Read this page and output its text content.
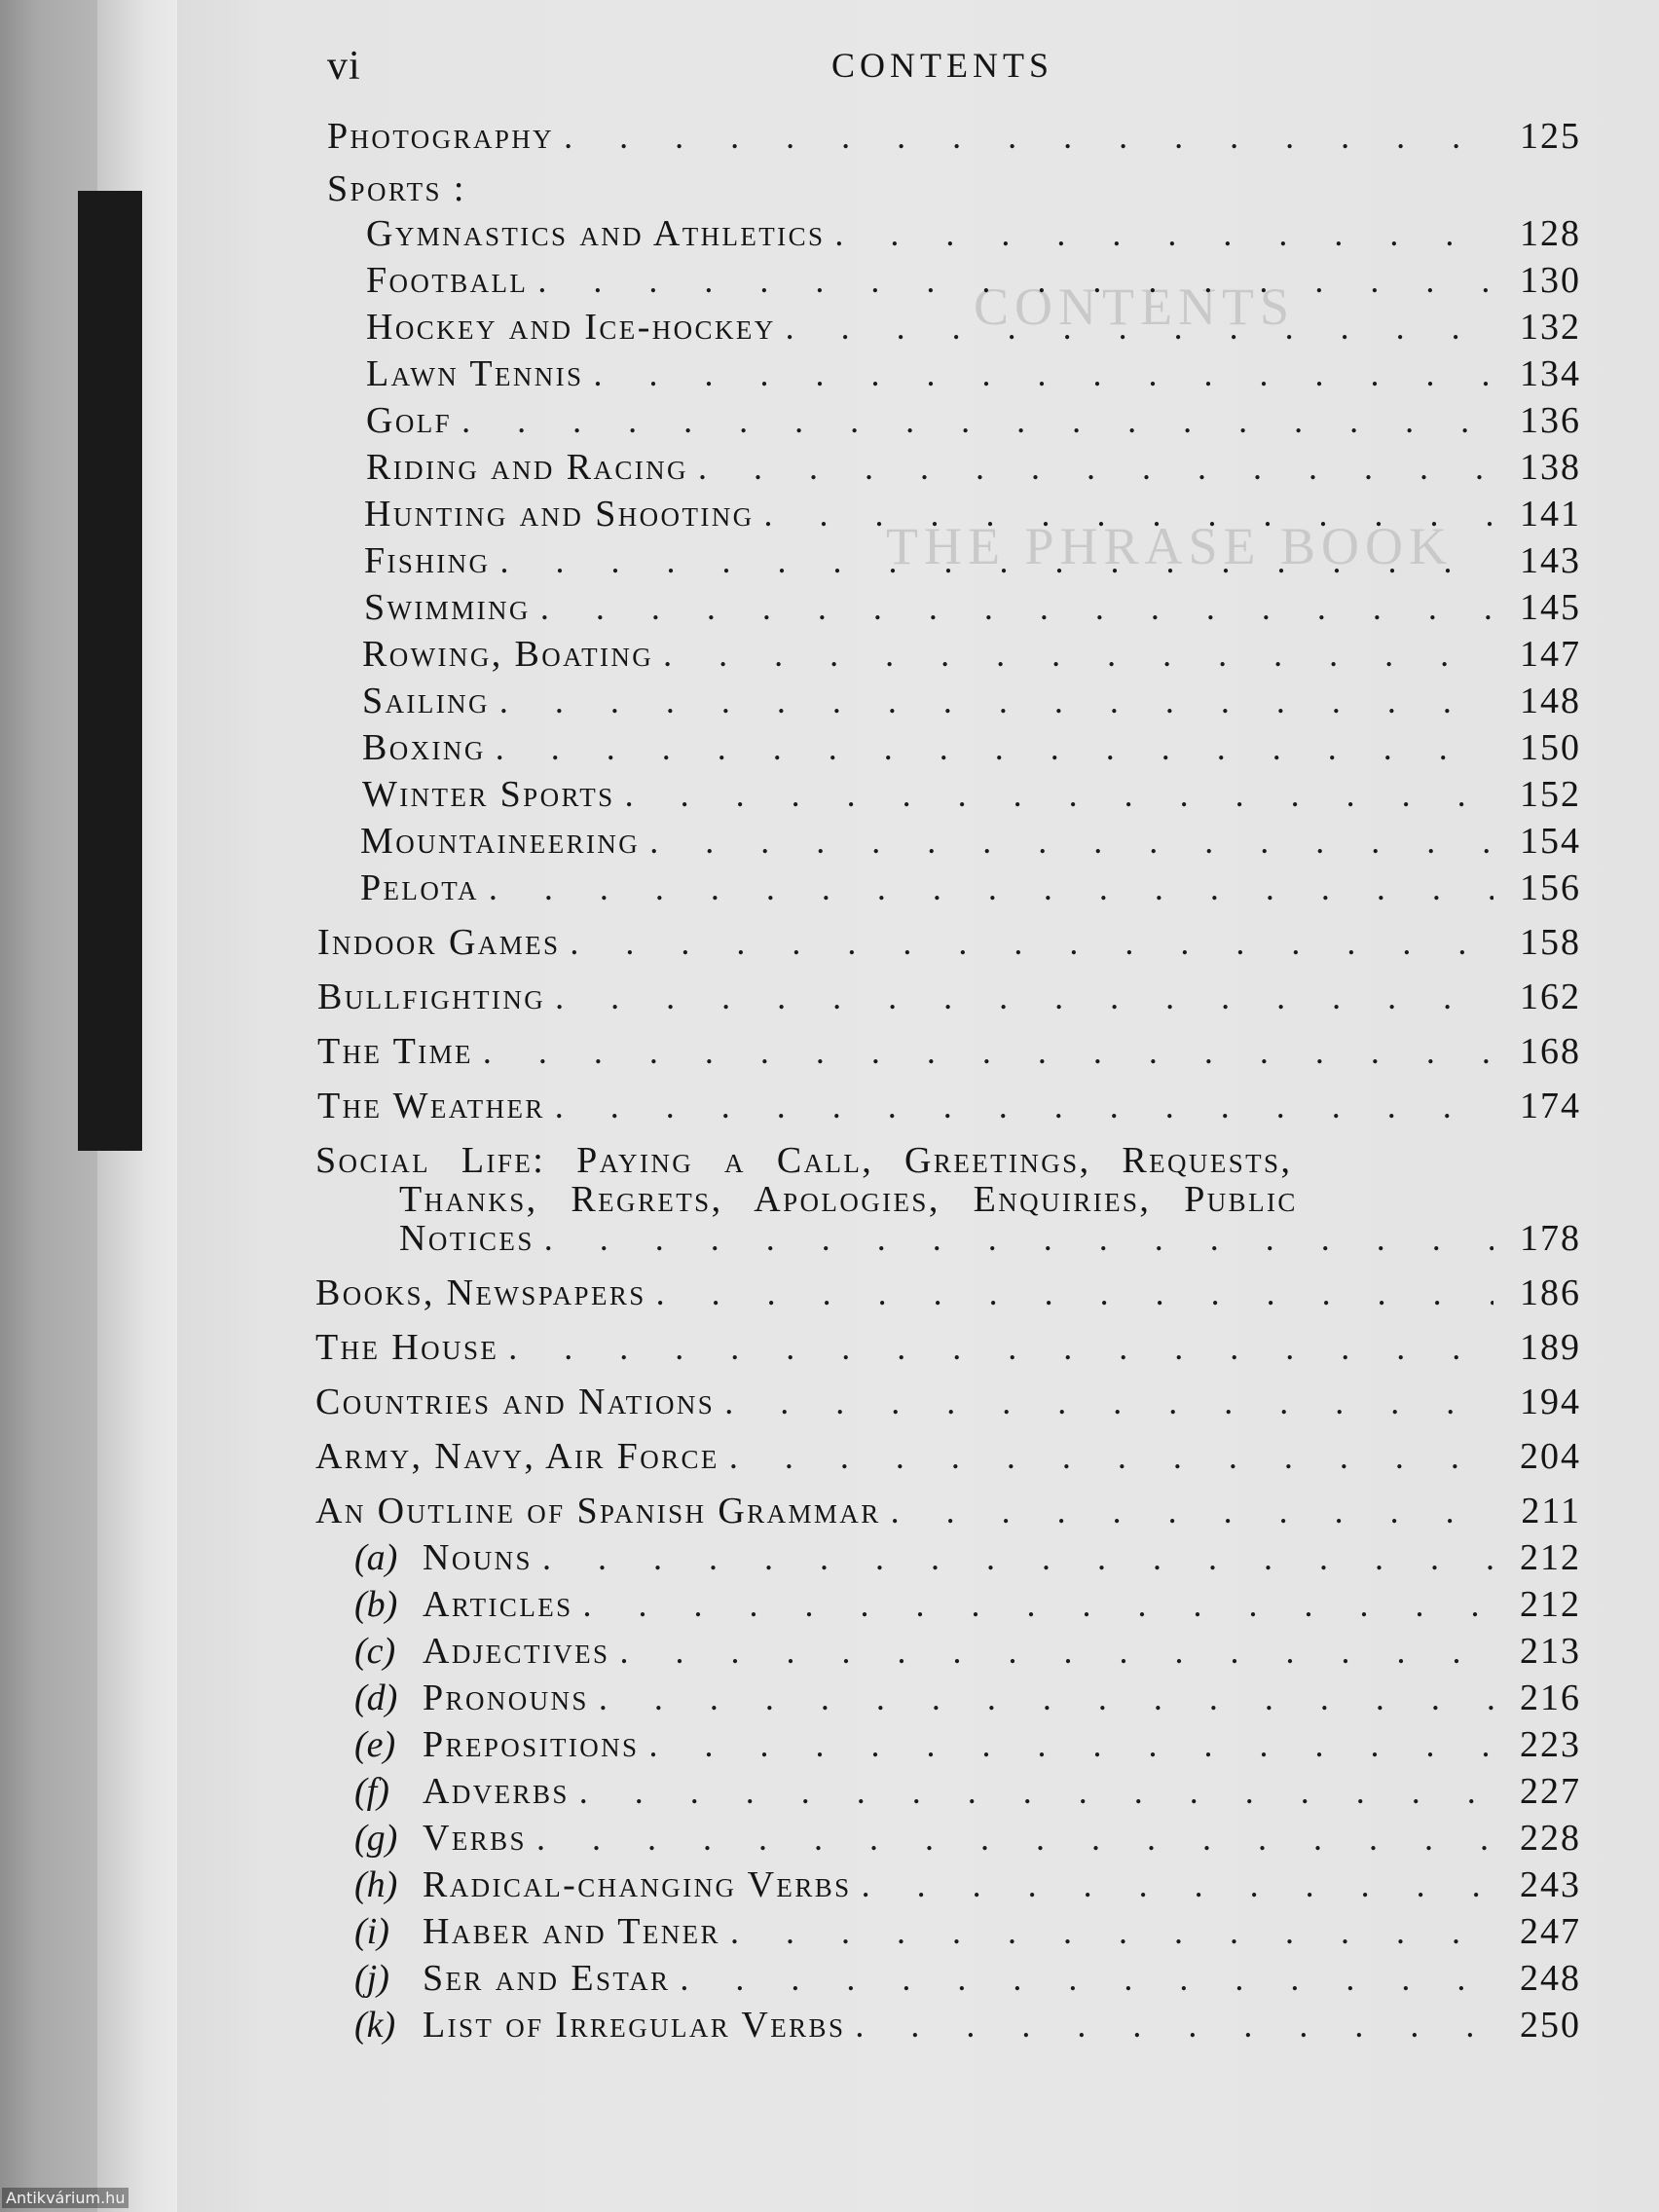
CONTENTS
THE PHRASE BOOK
vi	CONTENTS
Photography .....	125
Sports :
Gymnastics and Athletics .....	128
Football .....	130
Hockey and Ice-hockey .....	132
Lawn Tennis .....	134
Golf .....	136
Riding and Racing .....	138
Hunting and Shooting .....	141
Fishing .....	143
Swimming .....	145
Rowing, Boating .....	147
Sailing .....	148
Boxing .....	150
Winter Sports .....	152
Mountaineering .....	154
Pelota .....	156
Indoor Games .....	158
Bullfighting .....	162
The Time .....	168
The Weather .....	174
Social Life: Paying a Call, Greetings, Requests,
Thanks, Regrets, Apologies, Enquiries, Public
Notices .....	178
Books, Newspapers .....	186
The House .....	189
Countries and Nations .....	194
Army, Navy, Air Force .....	204
An Outline of Spanish Grammar .....	211
(a) Nouns .....	212
(b) Articles .....	212
(c) Adjectives .....	213
(d) Pronouns .....	216
(e) Prepositions .....	223
(f) Adverbs .....	227
(g) Verbs .....	228
(h) Radical-changing Verbs .....	243
(i) Haber and Tener .....	247
(j) Ser and Estar .....	248
(k) List of Irregular Verbs .....	250
Antikvárium.hu
